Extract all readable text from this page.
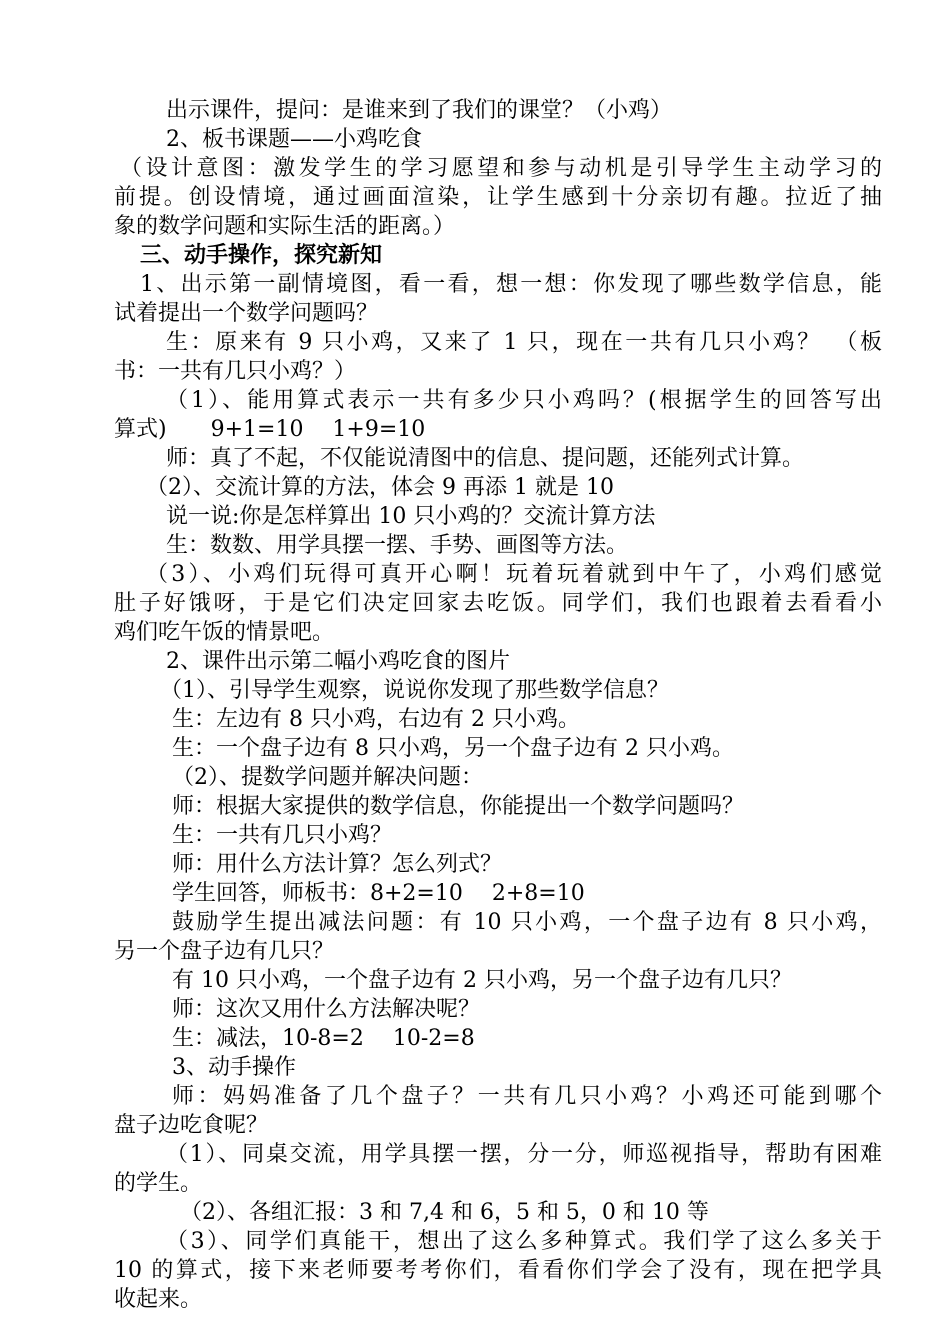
出示课件，提问：是谁来到了我们的课堂？（小鸡）
2、板书课题——小鸡吃食
（设计意图：激发学生的学习愿望和参与动机是引导学生主动学习的
前提。创设情境，通过画面渲染，让学生感到十分亲切有趣。拉近了抽
象的数学问题和实际生活的距离。）
三、动手操作，探究新知
1、出示第一副情境图，看一看，想一想：你发现了哪些数学信息，能
试着提出一个数学问题吗？
生：原来有 9 只小鸡，又来了 1 只，现在一共有几只小鸡？　（板
书：一共有几只小鸡？）
（1）、能用算式表示一共有多少只小鸡吗？(根据学生的回答写出
算式)　　9+1=10　 1+9=10
师：真了不起，不仅能说清图中的信息、提问题，还能列式计算。
（2）、交流计算的方法，体会 9 再添 1 就是 10
说一说:你是怎样算出 10 只小鸡的？交流计算方法
生：数数、用学具摆一摆、手势、画图等方法。
（3）、小鸡们玩得可真开心啊！玩着玩着就到中午了，小鸡们感觉
肚子好饿呀，于是它们决定回家去吃饭。同学们，我们也跟着去看看小
鸡们吃午饭的情景吧。
2、课件出示第二幅小鸡吃食的图片
（1）、引导学生观察，说说你发现了那些数学信息？
生：左边有 8 只小鸡，右边有 2 只小鸡。
生：一个盘子边有 8 只小鸡，另一个盘子边有 2 只小鸡。
（2）、提数学问题并解决问题：
师：根据大家提供的数学信息，你能提出一个数学问题吗？
生：一共有几只小鸡？
师：用什么方法计算？怎么列式？
学生回答，师板书：8+2=10　 2+8=10
鼓励学生提出减法问题：有 10 只小鸡，一个盘子边有 8 只小鸡，
另一个盘子边有几只？
有 10 只小鸡，一个盘子边有 2 只小鸡，另一个盘子边有几只？
师：这次又用什么方法解决呢？
生：减法，10-8=2　 10-2=8
3、动手操作
师：妈妈准备了几个盘子？一共有几只小鸡？小鸡还可能到哪个
盘子边吃食呢？
（1）、同桌交流，用学具摆一摆，分一分，师巡视指导，帮助有困难
的学生。
（2）、各组汇报：3 和 7,4 和 6，5 和 5，0 和 10 等
（3）、同学们真能干，想出了这么多种算式。我们学了这么多关于
10 的算式，接下来老师要考考你们，看看你们学会了没有，现在把学具
收起来。
